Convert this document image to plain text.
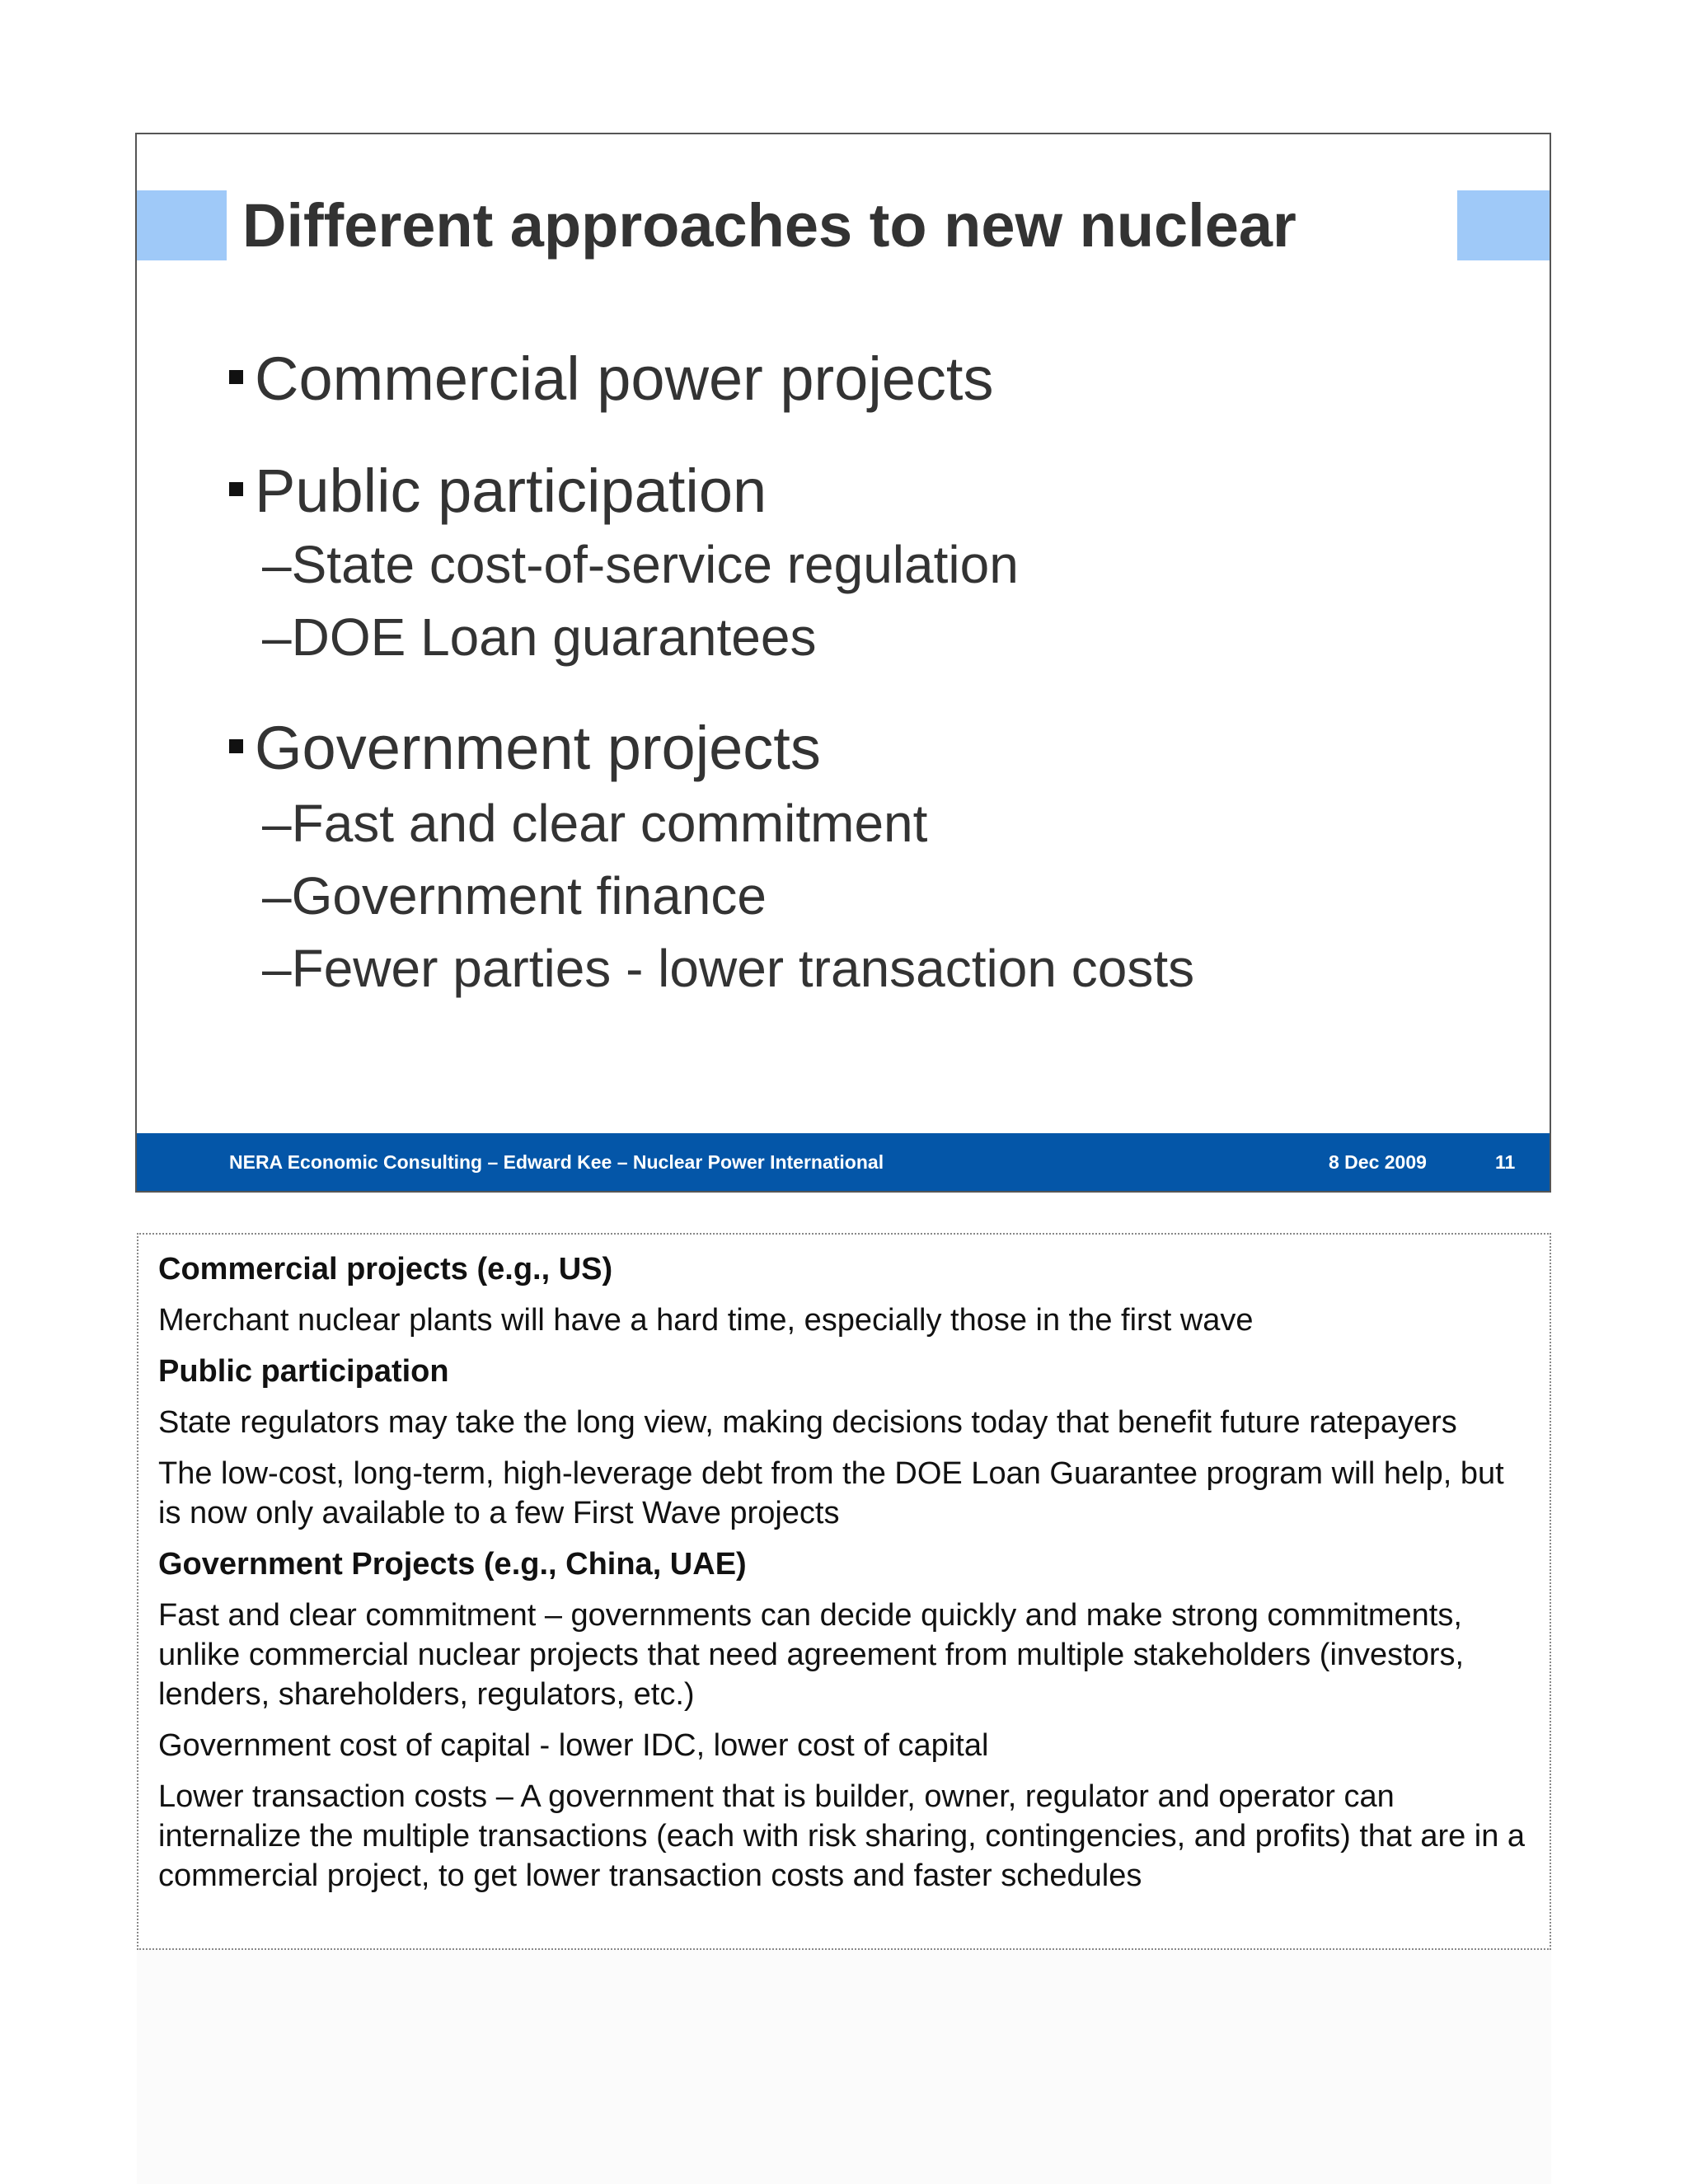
Different approaches to new nuclear
Commercial power projects
Public participation
–State cost-of-service regulation
–DOE Loan guarantees
Government projects
–Fast and clear commitment
–Government finance
–Fewer parties - lower transaction costs
NERA Economic Consulting – Edward Kee – Nuclear Power International	8 Dec 2009	11

Commercial projects (e.g., US)

Merchant nuclear plants will have a hard time, especially those in the first wave

Public participation

State regulators may take the long view, making decisions today that benefit future ratepayers

The low-cost, long-term, high-leverage debt from the DOE Loan Guarantee program will help, but is now only available to a few First Wave projects

Government Projects (e.g., China, UAE)

Fast and clear commitment – governments can decide quickly and make strong commitments, unlike commercial nuclear projects that need agreement from multiple stakeholders (investors, lenders, shareholders, regulators, etc.)

Government cost of capital - lower IDC, lower cost of capital

Lower transaction costs – A government that is builder, owner, regulator and operator can internalize the multiple transactions (each with risk sharing, contingencies, and profits) that are in a commercial project, to get lower transaction costs and faster schedules
